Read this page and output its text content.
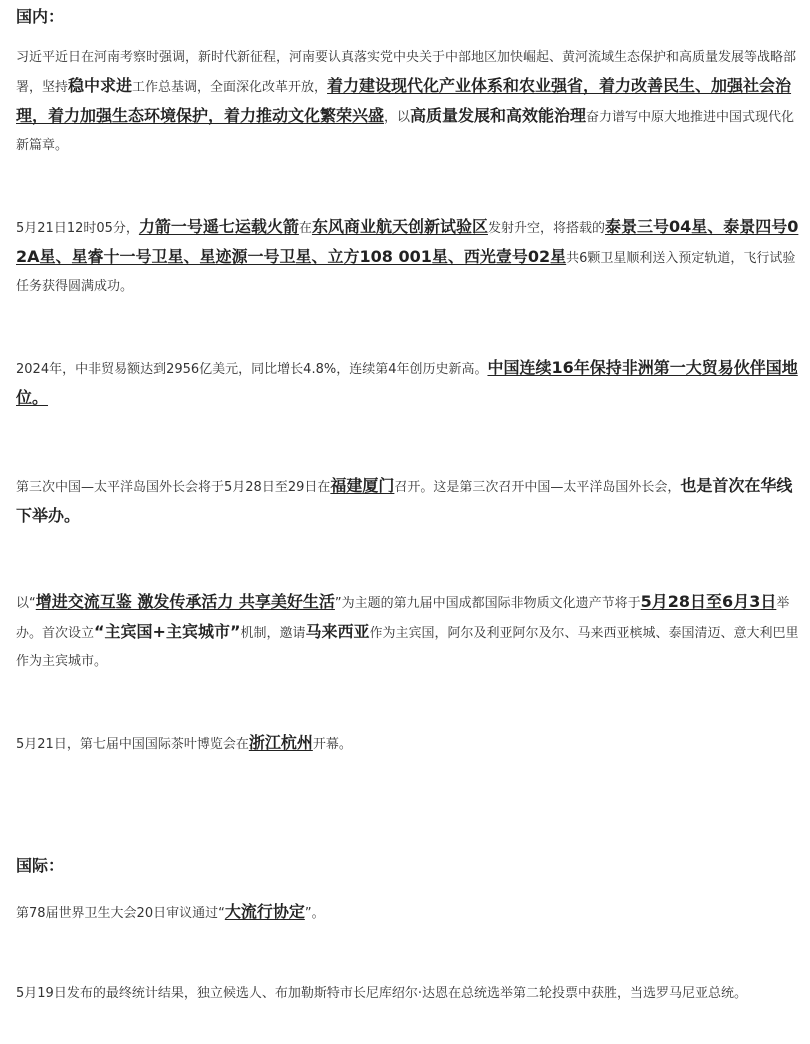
国内：

习近平近日在河南考察时强调，新时代新征程，河南要认真落实党中央关于中部地区加快崛起、黄河流域生态保护和高质量发展等战略部署，坚持稳中求进工作总基调，全面深化改革开放，着力建设现代化产业体系和农业强省，着力改善民生、加强社会治理，着力加强生态环境保护，着力推动文化繁荣兴盛，以高质量发展和高效能治理奋力谱写中原大地推进中国式现代化新篇章。

5月21日12时05分，力箭一号遥七运载火箭在东风商业航天创新试验区发射升空，将搭载的泰景三号04星、泰景四号02A星、星睿十一号卫星、星迹源一号卫星、立方108 001星、西光壹号02星共6颗卫星顺利送入预定轨道，飞行试验任务获得圆满成功。

2024年，中非贸易额达到2956亿美元，同比增长4.8%，连续第4年创历史新高。中国连续16年保持非洲第一大贸易伙伴国地位。

第三次中国—太平洋岛国外长会将于5月28日至29日在福建厦门召开。这是第三次召开中国—太平洋岛国外长会，也是首次在华线下举办。

以“增进交流互鉴 激发传承活力 共享美好生活”为主题的第九届中国成都国际非物质文化遗产节将于5月28日至6月3日举办。首次设立“主宾国+主宾城市”机制，邀请马来西亚作为主宾国，阿尔及利亚阿尔及尔、马来西亚槟城、泰国清迈、意大利巴里作为主宾城市。

5月21日，第七届中国国际茶叶博览会在浙江杭州开幕。

国际：

第78届世界卫生大会20日审议通过“大流行协定”。

5月19日发布的最终统计结果，独立候选人、布加勒斯特市长尼库绍尔·达恩在总统选举第二轮投票中获胜，当选罗马尼亚总统。
